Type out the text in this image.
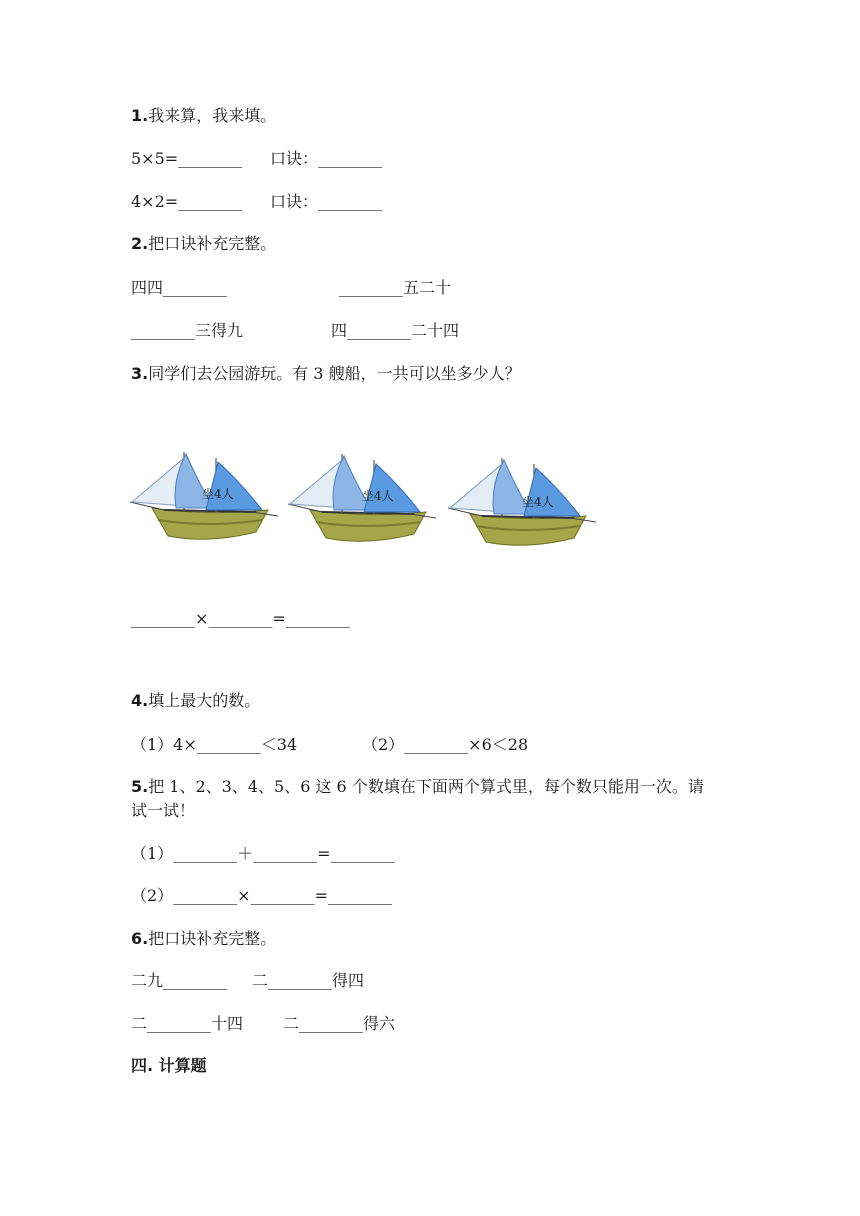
1.我来算，我来填。
5×5=________ 口诀：________
4×2=________ 口诀：________
2.把口诀补充完整。
四四________	________五二十
________三得九	四________二十四
3.同学们去公园游玩。有 3 艘船，一共可以坐多少人？
坐4人	坐4人	坐4人
________×________=________
4.填上最大的数。
（1）4×________＜34	（2）________×6＜28
5.把 1、2、3、4、5、6 这 6 个数填在下面两个算式里，每个数只能用一次。请
试一试！
（1）________＋________=________
（2）________×________=________
6.把口诀补充完整。
二九________ 二________得四
二________十四 二________得六
四. 计算题
